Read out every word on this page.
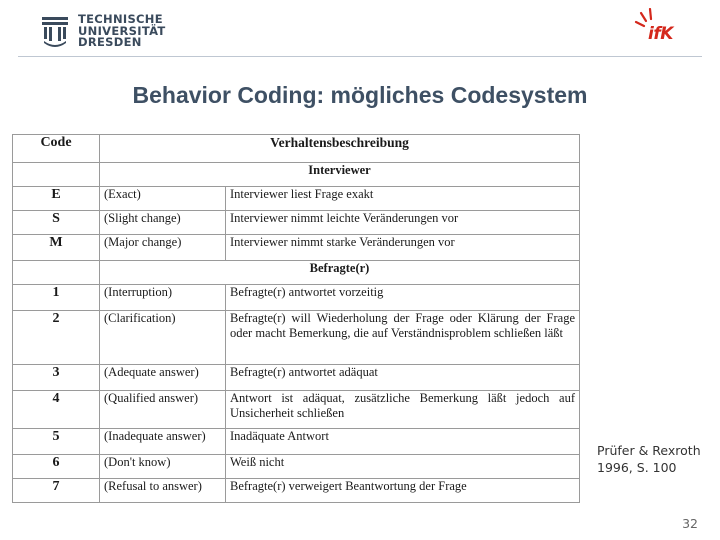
TECHNISCHE
UNIVERSITÄT
DRESDEN	ifK
Behavior Coding: mögliches Codesystem
Code	Verhaltensbeschreibung	
	Interviewer	
E	(Exact)	Interviewer liest Frage exakt
S	(Slight change)	Interviewer nimmt leichte Veränderungen vor
M	(Major change)	Interviewer nimmt starke Veränderungen vor
	Befragte(r)	
1	(Interruption)	Befragte(r) antwortet vorzeitig
2	(Clarification)	Befragte(r) will Wiederholung der Frage oder Klärung der Frage oder macht Bemerkung, die auf Verständnisproblem schließen läßt
3	(Adequate answer)	Befragte(r) antwortet adäquat
4	(Qualified answer)	Antwort ist adäquat, zusätzliche Bemerkung läßt jedoch auf Unsicherheit schließen
5	(Inadequate answer)	Inadäquate Antwort
6	(Don't know)	Weiß nicht
7	(Refusal to answer)	Befragte(r) verweigert Beantwortung der Frage
Prüfer & Rexroth 1996, S. 100
32
